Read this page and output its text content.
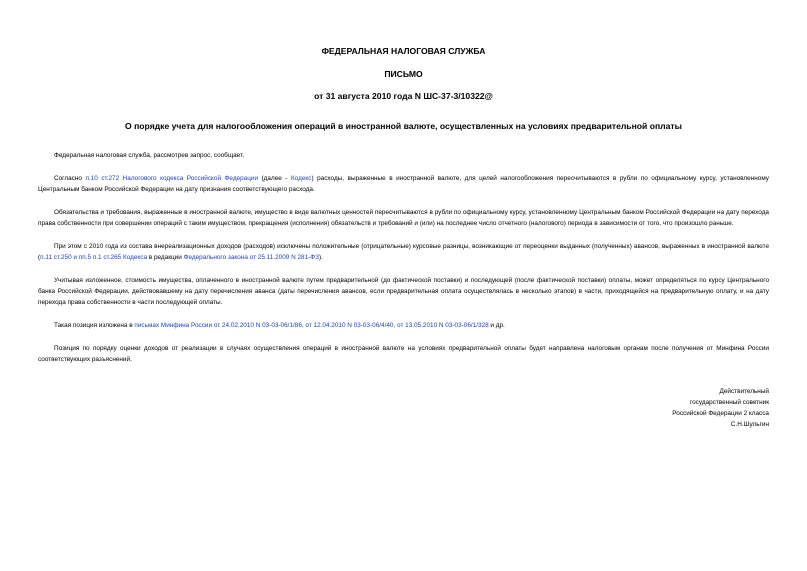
ФЕДЕРАЛЬНАЯ НАЛОГОВАЯ СЛУЖБА
ПИСЬМО
от 31 августа 2010 года N ШС-37-3/10322@
О порядке учета для налогообложения операций в иностранной валюте, осуществленных на условиях предварительной оплаты

Федеральная налоговая служба, рассмотрев запрос, сообщает.

Согласно п.10 ст.272 Налогового кодекса Российской Федерации (далее - Кодекс) расходы, выраженные в иностранной валюте, для целей налогообложения пересчитываются в рубли по официальному курсу, установленному Центральным банком Российской Федерации на дату признания соответствующего расхода.

Обязательства и требования, выраженные в иностранной валюте, имущество в виде валютных ценностей пересчитываются в рубли по официальному курсу, установленному Центральным банком Российской Федерации на дату перехода права собственности при совершении операций с таким имуществом, прекращения (исполнения) обязательств и требований и (или) на последнее число отчетного (налогового) периода в зависимости от того, что произошло раньше.

При этом с 2010 года из состава внереализационных доходов (расходов) исключены положительные (отрицательные) курсовые разницы, возникающие от переоценки выданных (полученных) авансов, выраженных в иностранной валюте (п.11 ст.250 и пп.5 п.1 ст.265 Кодекса в редакции Федерального закона от 25.11.2009 N 281-ФЗ).

Учитывая изложенное, стоимость имущества, оплаченного в иностранной валюте путем предварительной (до фактической поставки) и последующей (после фактической поставки) оплаты, может определяться по курсу Центрального банка Российской Федерации, действовавшему на дату перечисления аванса (даты перечисления авансов, если предварительная оплата осуществлялась в несколько этапов) в части, приходящейся на предварительную оплату, и на дату перехода права собственности в части последующей оплаты.

Такая позиция изложена в письмах Минфина России от 24.02.2010 N 03-03-06/1/86, от 12.04.2010 N 03-03-06/4/40, от 13.05.2010 N 03-03-06/1/328 и др.

Позиция по порядку оценки доходов от реализации в случаях осуществления операций в иностранной валюте на условиях предварительной оплаты будет направлена налоговым органам после получения от Минфина России соответствующих разъяснений.

Действительный
государственный советник
Российской Федерации 2 класса
С.Н.Шульгин
